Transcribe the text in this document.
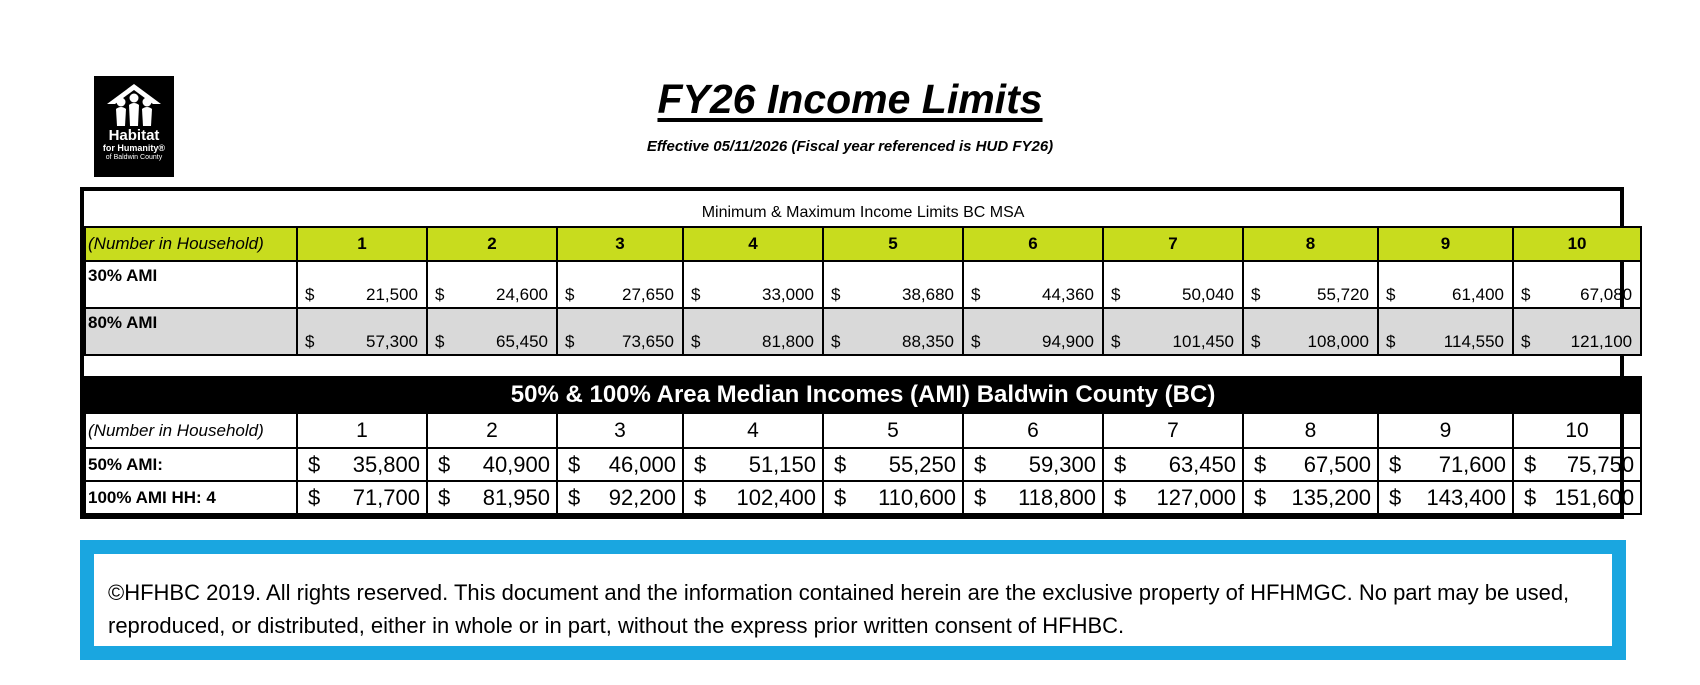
Habitat
for Humanity®
of Baldwin County
FY26 Income Limits
Effective 05/11/2026 (Fiscal year referenced is HUD FY26)
Minimum & Maximum Income Limits BC MSA										
(Number in Household)	1	2	3	4	5	6	7	8	9	10
30% AMI	$ 21,500	$ 24,600	$ 27,650	$ 33,000	$ 38,680	$ 44,360	$ 50,040	$ 55,720	$ 61,400	$ 67,080

80% AMI	$ 57,300	$ 65,450	$ 73,650	$ 81,800	$ 88,350	$ 94,900	$ 101,450	$ 108,000	$ 114,550	$ 121,100

50% & 100% Area Median Incomes (AMI) Baldwin County (BC)										
(Number in Household)	1	2	3	4	5	6	7	8	9	10
50% AMI:	$ 35,800	$ 40,900	$ 46,000	$ 51,150	$ 55,250	$ 59,300	$ 63,450	$ 67,500	$ 71,600	$ 75,750

100% AMI HH: 4	$ 71,700	$ 81,950	$ 92,200	$ 102,400	$ 110,600	$ 118,800	$ 127,000	$ 135,200	$ 143,400	$ 151,600
©HFHBC 2019. All rights reserved. This document and the information contained herein are the exclusive property of HFHMGC. No part may be used, reproduced, or distributed, either in whole or in part, without the express prior written consent of HFHBC.
